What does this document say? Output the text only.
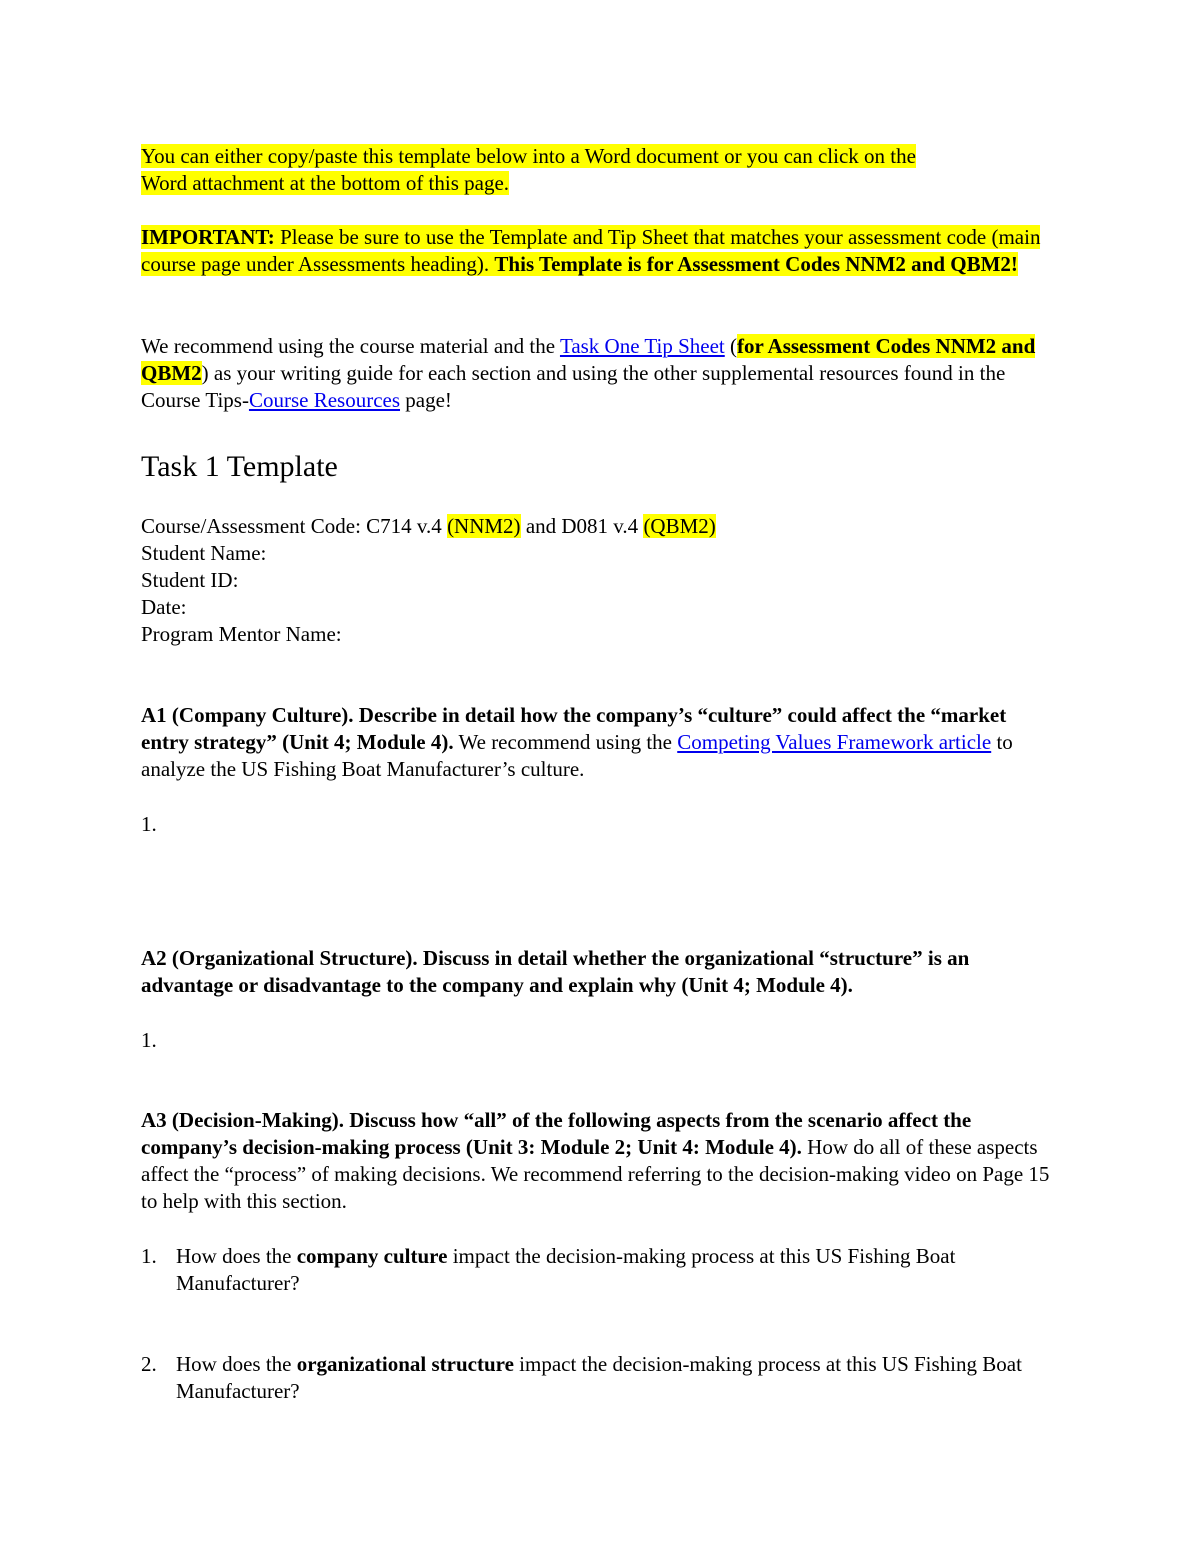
You can either copy/paste this template below into a Word document or you can click on the
Word attachment at the bottom of this page.
IMPORTANT: Please be sure to use the Template and Tip Sheet that matches your assessment code (main course page under Assessments heading). This Template is for Assessment Codes NNM2 and QBM2!
We recommend using the course material and the Task One Tip Sheet (for Assessment Codes NNM2 and QBM2) as your writing guide for each section and using the other supplemental resources found in the Course Tips-Course Resources page!
Task 1 Template
Course/Assessment Code: C714 v.4 (NNM2) and D081 v.4 (QBM2)
Student Name:
Student ID:
Date:
Program Mentor Name:
A1 (Company Culture). Describe in detail how the company’s “culture” could affect the “market entry strategy” (Unit 4; Module 4). We recommend using the Competing Values Framework article to analyze the US Fishing Boat Manufacturer’s culture.
1.
A2 (Organizational Structure). Discuss in detail whether the organizational “structure” is an advantage or disadvantage to the company and explain why (Unit 4; Module 4).
1.
A3 (Decision-Making). Discuss how “all” of the following aspects from the scenario affect the company’s decision-making process (Unit 3: Module 2; Unit 4: Module 4). How do all of these aspects affect the “process” of making decisions. We recommend referring to the decision-making video on Page 15 to help with this section.
1. How does the company culture impact the decision-making process at this US Fishing Boat Manufacturer?
2. How does the organizational structure impact the decision-making process at this US Fishing Boat Manufacturer?
